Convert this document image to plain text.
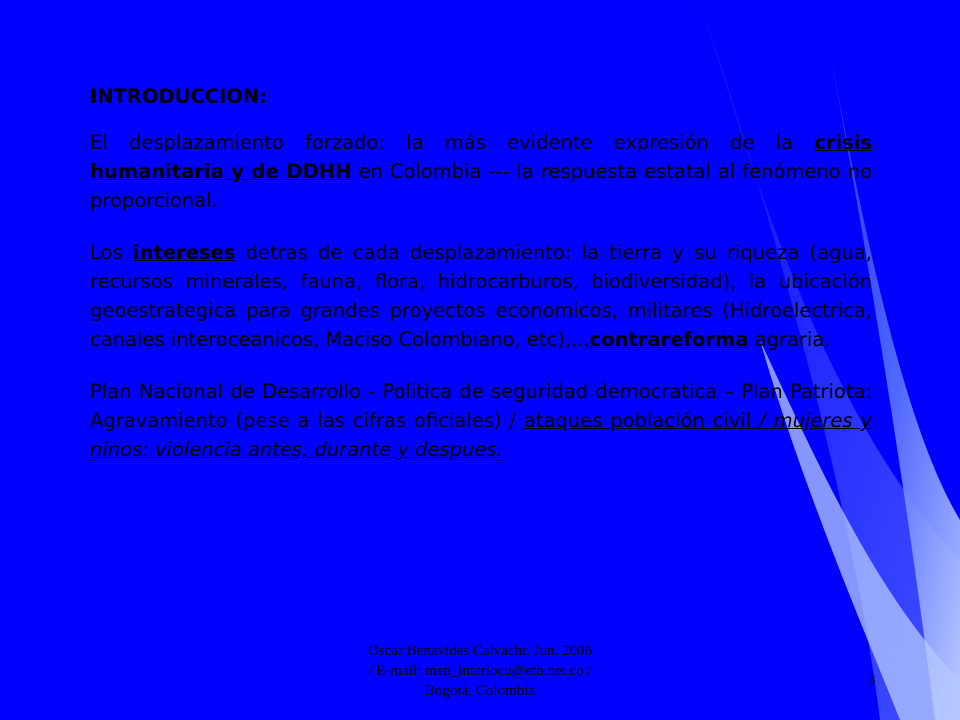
INTRODUCCION:
El desplazamiento forzado: la más evidente expresión de la crisis humanitaria y de DDHH en Colombia --- la respuesta estatal al fenómeno no proporcional.
Los intereses detras de cada desplazamiento: la tierra y su riqueza (agua, recursos minerales, fauna, flora, hidrocarburos, biodiversidad), la ubicación geoestrategica para grandes proyectos economicos, militares (Hidroelectrica, canales interoceanicos, Maciso Colombiano, etc),...contrareforma agraria.
Plan Nacional de Desarrollo - Politica de seguridad democratica – Plan Patriota: Agravamiento (pese a las cifras oficiales) / ataques población civil / mujeres y ninos: violencia antes, durante y despues.
Oscar Benavides Calvachi, Jun. 2006
/ E-mail: men_interlocu@etb.net.co /
Bogotá, Colombia
3
